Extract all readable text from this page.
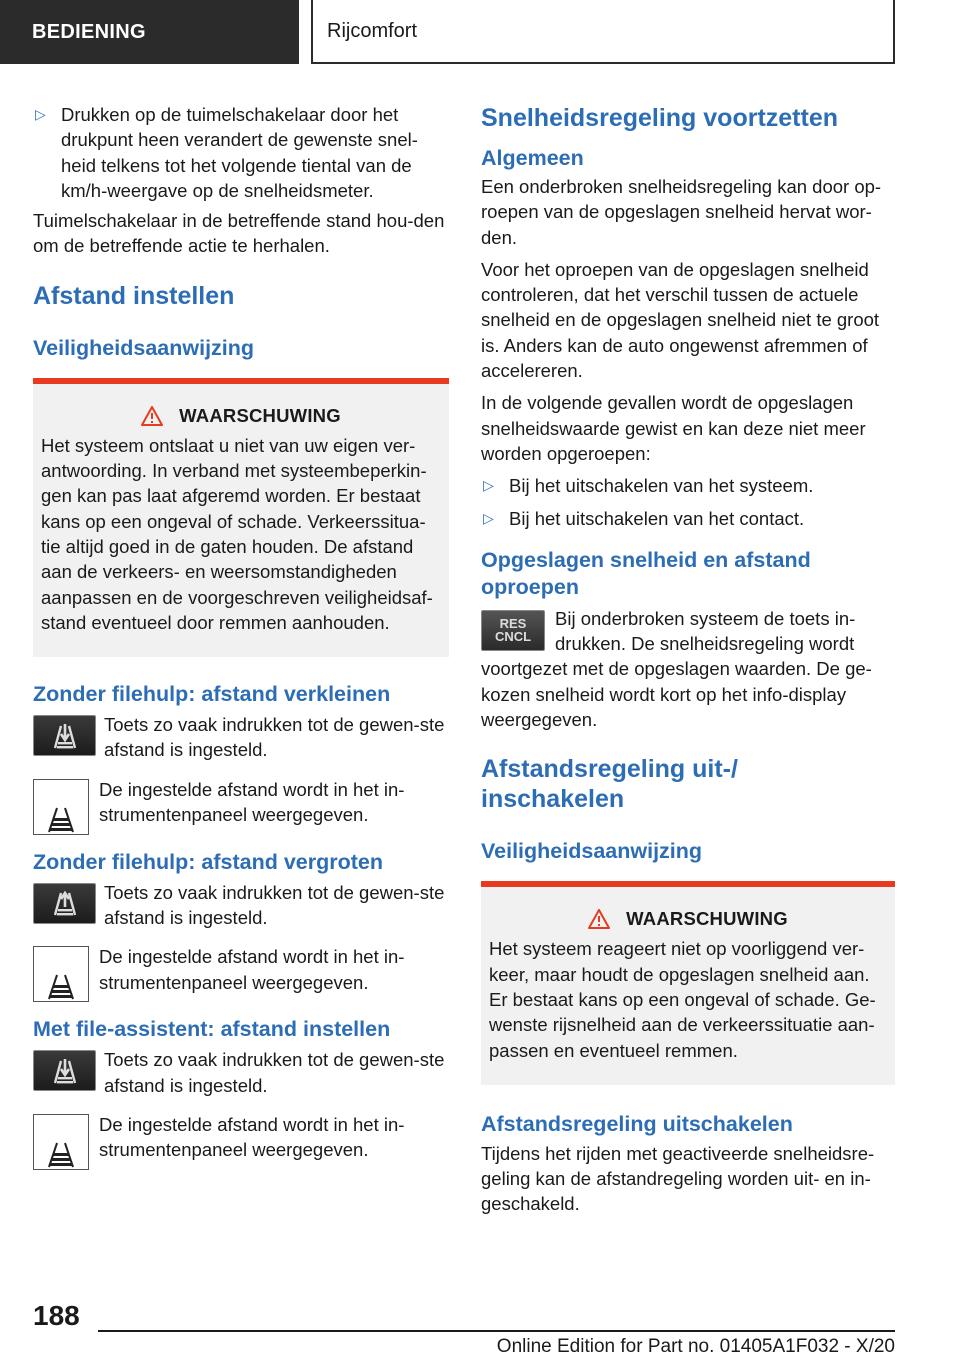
BEDIENING	Rijcomfort
▷ Drukken op de tuimelschakelaar door het drukpunt heen verandert de gewenste snel-heid telkens tot het volgende tiental van de km/h-weergave op de snelheidsmeter.
Tuimelschakelaar in de betreffende stand hou-den om de betreffende actie te herhalen.
Afstand instellen
Veiligheidsaanwijzing
WAARSCHUWING
Het systeem ontslaat u niet van uw eigen ver-antwoording. In verband met systeembeperkin-gen kan pas laat afgeremd worden. Er bestaat kans op een ongeval of schade. Verkeerssitua-tie altijd goed in de gaten houden. De afstand aan de verkeers- en weersomstandigheden aanpassen en de voorgeschreven veiligheidsaf-stand eventueel door remmen aanhouden.
Zonder filehulp: afstand verkleinen
Toets zo vaak indrukken tot de gewen-ste afstand is ingesteld.
De ingestelde afstand wordt in het in-strumentenpaneel weergegeven.
Zonder filehulp: afstand vergroten
Toets zo vaak indrukken tot de gewen-ste afstand is ingesteld.
De ingestelde afstand wordt in het in-strumentenpaneel weergegeven.
Met file-assistent: afstand instellen
Toets zo vaak indrukken tot de gewen-ste afstand is ingesteld.
De ingestelde afstand wordt in het in-strumentenpaneel weergegeven.
Snelheidsregeling voortzetten
Algemeen
Een onderbroken snelheidsregeling kan door op-roepen van de opgeslagen snelheid hervat wor-den.
Voor het oproepen van de opgeslagen snelheid controleren, dat het verschil tussen de actuele snelheid en de opgeslagen snelheid niet te groot is. Anders kan de auto ongewenst afremmen of accelereren.
In de volgende gevallen wordt de opgeslagen snelheidswaarde gewist en kan deze niet meer worden opgeroepen:
▷ Bij het uitschakelen van het systeem.
▷ Bij het uitschakelen van het contact.
Opgeslagen snelheid en afstand oproepen
RES
CNCL
Bij onderbroken systeem de toets in-drukken. De snelheidsregeling wordt voortgezet met de opgeslagen waarden. De ge-kozen snelheid wordt kort op het info-display weergegeven.
Afstandsregeling uit-/ inschakelen
Veiligheidsaanwijzing
WAARSCHUWING
Het systeem reageert niet op voorliggend ver-keer, maar houdt de opgeslagen snelheid aan. Er bestaat kans op een ongeval of schade. Ge-wenste rijsnelheid aan de verkeerssituatie aan-passen en eventueel remmen.
Afstandsregeling uitschakelen
Tijdens het rijden met geactiveerde snelheidsre-geling kan de afstandregeling worden uit- en in-geschakeld.
188
Online Edition for Part no. 01405A1F032 - X/20
